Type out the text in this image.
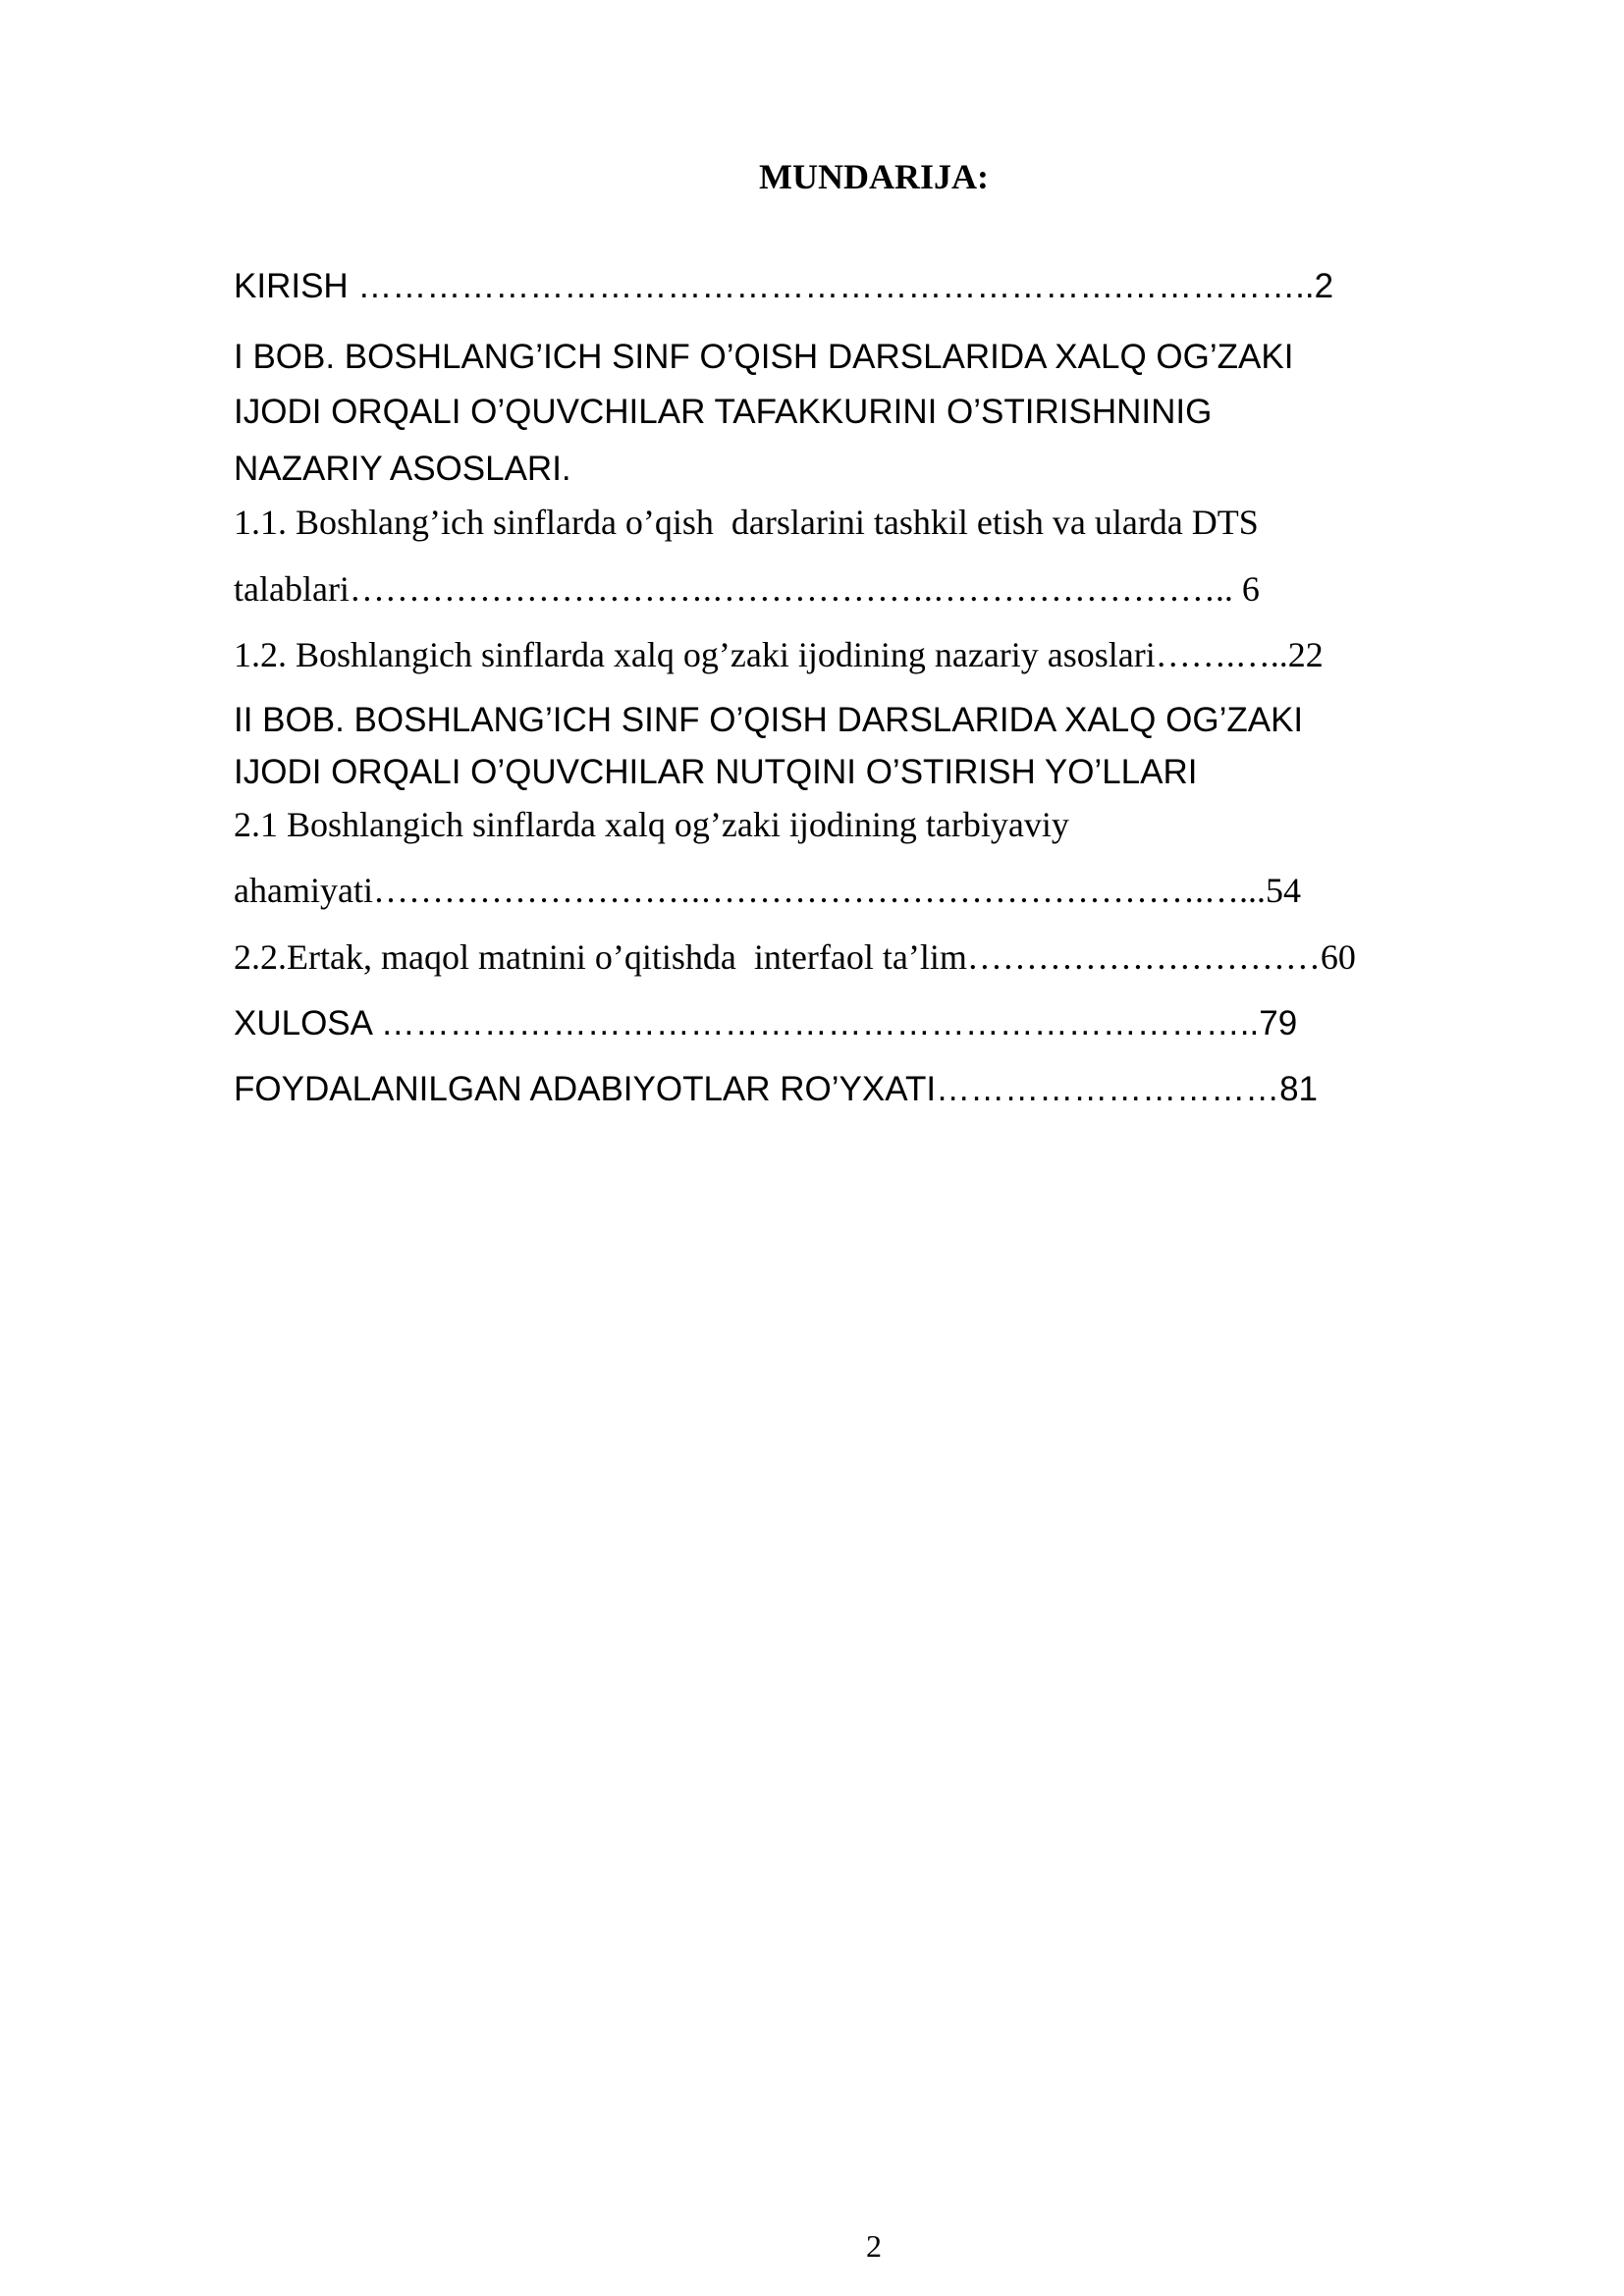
MUNDARIJA:
KIRISH ………………………………………………………….……………..2
I BOB. BOSHLANG’ICH SINF O’QISH DARSLARIDA XALQ OG’ZAKI
IJODI ORQALI O’QUVCHILAR TAFAKKURINI O’STIRISHNINIG
NAZARIY ASOSLARI.
1.1. Boshlang’ich sinflarda o’qish  darslarini tashkil etish va ularda DTS
talablari………………………….……………….…………………….. 6
1.2. Boshlangich sinflarda xalq og’zaki ijodining nazariy asoslari…….…..22
II BOB. BOSHLANG’ICH SINF O’QISH DARSLARIDA XALQ OG’ZAKI
IJODI ORQALI O’QUVCHILAR NUTQINI O’STIRISH YO’LLARI
2.1 Boshlangich sinflarda xalq og’zaki ijodining tarbiyaviy
ahamiyati……………………….…………………………………….…...54
2.2.Ertak, maqol matnini o’qitishda  interfaol ta’lim…………………………60
XULOSA …………………………………………………………………..79
FOYDALANILGAN ADABIYOTLAR RO’YXATI…………………………81
2
